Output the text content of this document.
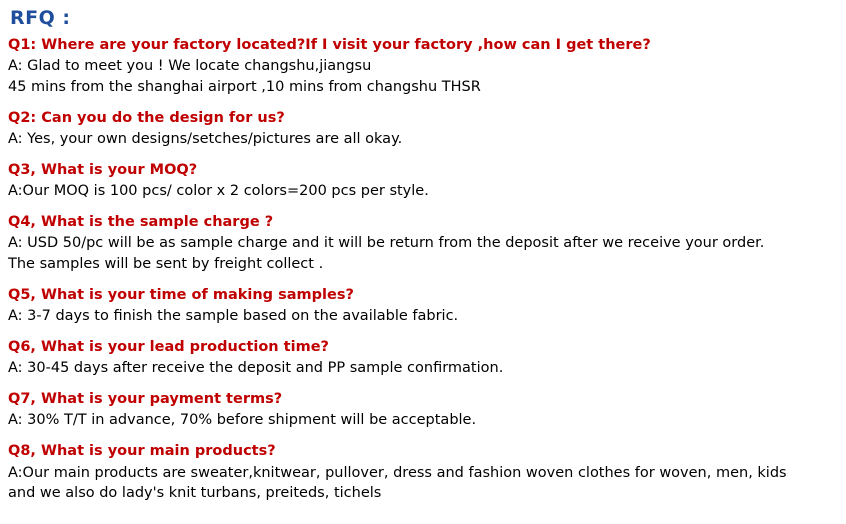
RFQ :

Q1: Where are your factory located?If I visit your factory ,how can I get there?

A: Glad to meet you ! We locate changshu,jiangsu
45 mins from the shanghai airport ,10 mins from changshu THSR

Q2: Can you do the design for us?

A: Yes, your own designs/setches/pictures are all okay.

Q3, What is your MOQ?

A:Our MOQ is 100 pcs/ color x 2 colors=200 pcs per style.

Q4, What is the sample charge ?

A: USD 50/pc will be as sample charge and it will be return from the deposit after we receive your order.
The samples will be sent by freight collect .

Q5, What is your time of making samples?

A: 3-7 days to finish the sample based on the available fabric.

Q6, What is your lead production time?

A: 30-45 days after receive the deposit and PP sample confirmation.

Q7, What is your payment terms?

A: 30% T/T in advance, 70% before shipment will be acceptable.

Q8, What is your main products?

A:Our main products are sweater,knitwear, pullover, dress and fashion woven clothes for woven, men, kids
and we also do lady's knit turbans, preiteds, tichels
